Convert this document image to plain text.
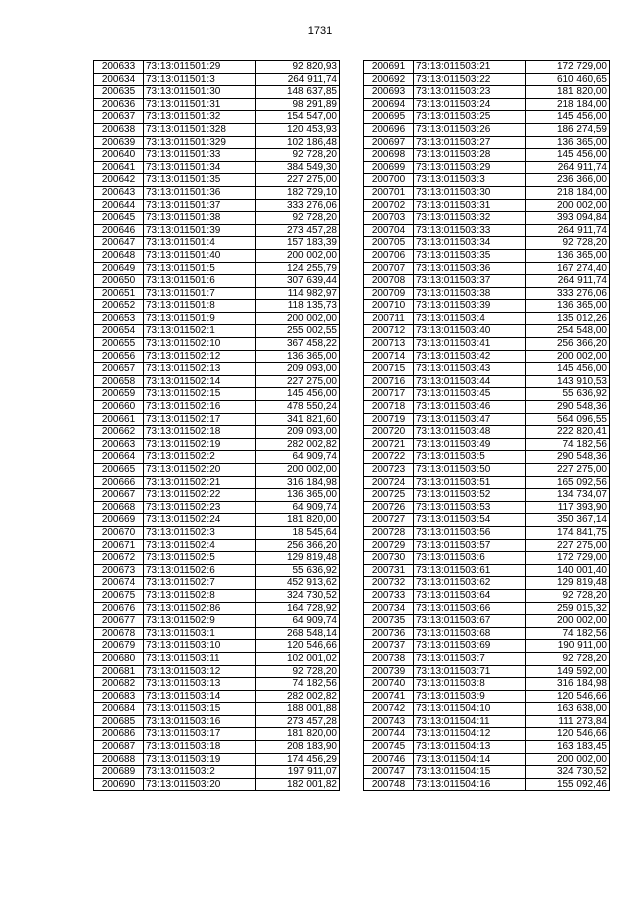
1731
200633	73:13:011501:29	92 820,93
200634	73:13:011501:3	264 911,74
200635	73:13:011501:30	148 637,85
200636	73:13:011501:31	98 291,89
200637	73:13:011501:32	154 547,00
200638	73:13:011501:328	120 453,93
200639	73:13:011501:329	102 186,48
200640	73:13:011501:33	92 728,20
200641	73:13:011501:34	384 549,30
200642	73:13:011501:35	227 275,00
200643	73:13:011501:36	182 729,10
200644	73:13:011501:37	333 276,06
200645	73:13:011501:38	92 728,20
200646	73:13:011501:39	273 457,28
200647	73:13:011501:4	157 183,39
200648	73:13:011501:40	200 002,00
200649	73:13:011501:5	124 255,79
200650	73:13:011501:6	307 639,44
200651	73:13:011501:7	114 982,97
200652	73:13:011501:8	118 135,73
200653	73:13:011501:9	200 002,00
200654	73:13:011502:1	255 002,55
200655	73:13:011502:10	367 458,22
200656	73:13:011502:12	136 365,00
200657	73:13:011502:13	209 093,00
200658	73:13:011502:14	227 275,00
200659	73:13:011502:15	145 456,00
200660	73:13:011502:16	478 550,24
200661	73:13:011502:17	341 821,60
200662	73:13:011502:18	209 093,00
200663	73:13:011502:19	282 002,82
200664	73:13:011502:2	64 909,74
200665	73:13:011502:20	200 002,00
200666	73:13:011502:21	316 184,98
200667	73:13:011502:22	136 365,00
200668	73:13:011502:23	64 909,74
200669	73:13:011502:24	181 820,00
200670	73:13:011502:3	18 545,64
200671	73:13:011502:4	256 366,20
200672	73:13:011502:5	129 819,48
200673	73:13:011502:6	55 636,92
200674	73:13:011502:7	452 913,62
200675	73:13:011502:8	324 730,52
200676	73:13:011502:86	164 728,92
200677	73:13:011502:9	64 909,74
200678	73:13:011503:1	268 548,14
200679	73:13:011503:10	120 546,66
200680	73:13:011503:11	102 001,02
200681	73:13:011503:12	92 728,20
200682	73:13:011503:13	74 182,56
200683	73:13:011503:14	282 002,82
200684	73:13:011503:15	188 001,88
200685	73:13:011503:16	273 457,28
200686	73:13:011503:17	181 820,00
200687	73:13:011503:18	208 183,90
200688	73:13:011503:19	174 456,29
200689	73:13:011503:2	197 911,07
200690	73:13:011503:20	182 001,82
200691	73:13:011503:21	172 729,00
200692	73:13:011503:22	610 460,65
200693	73:13:011503:23	181 820,00
200694	73:13:011503:24	218 184,00
200695	73:13:011503:25	145 456,00
200696	73:13:011503:26	186 274,59
200697	73:13:011503:27	136 365,00
200698	73:13:011503:28	145 456,00
200699	73:13:011503:29	264 911,74
200700	73:13:011503:3	236 366,00
200701	73:13:011503:30	218 184,00
200702	73:13:011503:31	200 002,00
200703	73:13:011503:32	393 094,84
200704	73:13:011503:33	264 911,74
200705	73:13:011503:34	92 728,20
200706	73:13:011503:35	136 365,00
200707	73:13:011503:36	167 274,40
200708	73:13:011503:37	264 911,74
200709	73:13:011503:38	333 276,06
200710	73:13:011503:39	136 365,00
200711	73:13:011503:4	135 012,26
200712	73:13:011503:40	254 548,00
200713	73:13:011503:41	256 366,20
200714	73:13:011503:42	200 002,00
200715	73:13:011503:43	145 456,00
200716	73:13:011503:44	143 910,53
200717	73:13:011503:45	55 636,92
200718	73:13:011503:46	290 548,36
200719	73:13:011503:47	564 096,55
200720	73:13:011503:48	222 820,41
200721	73:13:011503:49	74 182,56
200722	73:13:011503:5	290 548,36
200723	73:13:011503:50	227 275,00
200724	73:13:011503:51	165 092,56
200725	73:13:011503:52	134 734,07
200726	73:13:011503:53	117 393,90
200727	73:13:011503:54	350 367,14
200728	73:13:011503:56	174 841,75
200729	73:13:011503:57	227 275,00
200730	73:13:011503:6	172 729,00
200731	73:13:011503:61	140 001,40
200732	73:13:011503:62	129 819,48
200733	73:13:011503:64	92 728,20
200734	73:13:011503:66	259 015,32
200735	73:13:011503:67	200 002,00
200736	73:13:011503:68	74 182,56
200737	73:13:011503:69	190 911,00
200738	73:13:011503:7	92 728,20
200739	73:13:011503:71	149 592,00
200740	73:13:011503:8	316 184,98
200741	73:13:011503:9	120 546,66
200742	73:13:011504:10	163 638,00
200743	73:13:011504:11	111 273,84
200744	73:13:011504:12	120 546,66
200745	73:13:011504:13	163 183,45
200746	73:13:011504:14	200 002,00
200747	73:13:011504:15	324 730,52
200748	73:13:011504:16	155 092,46
